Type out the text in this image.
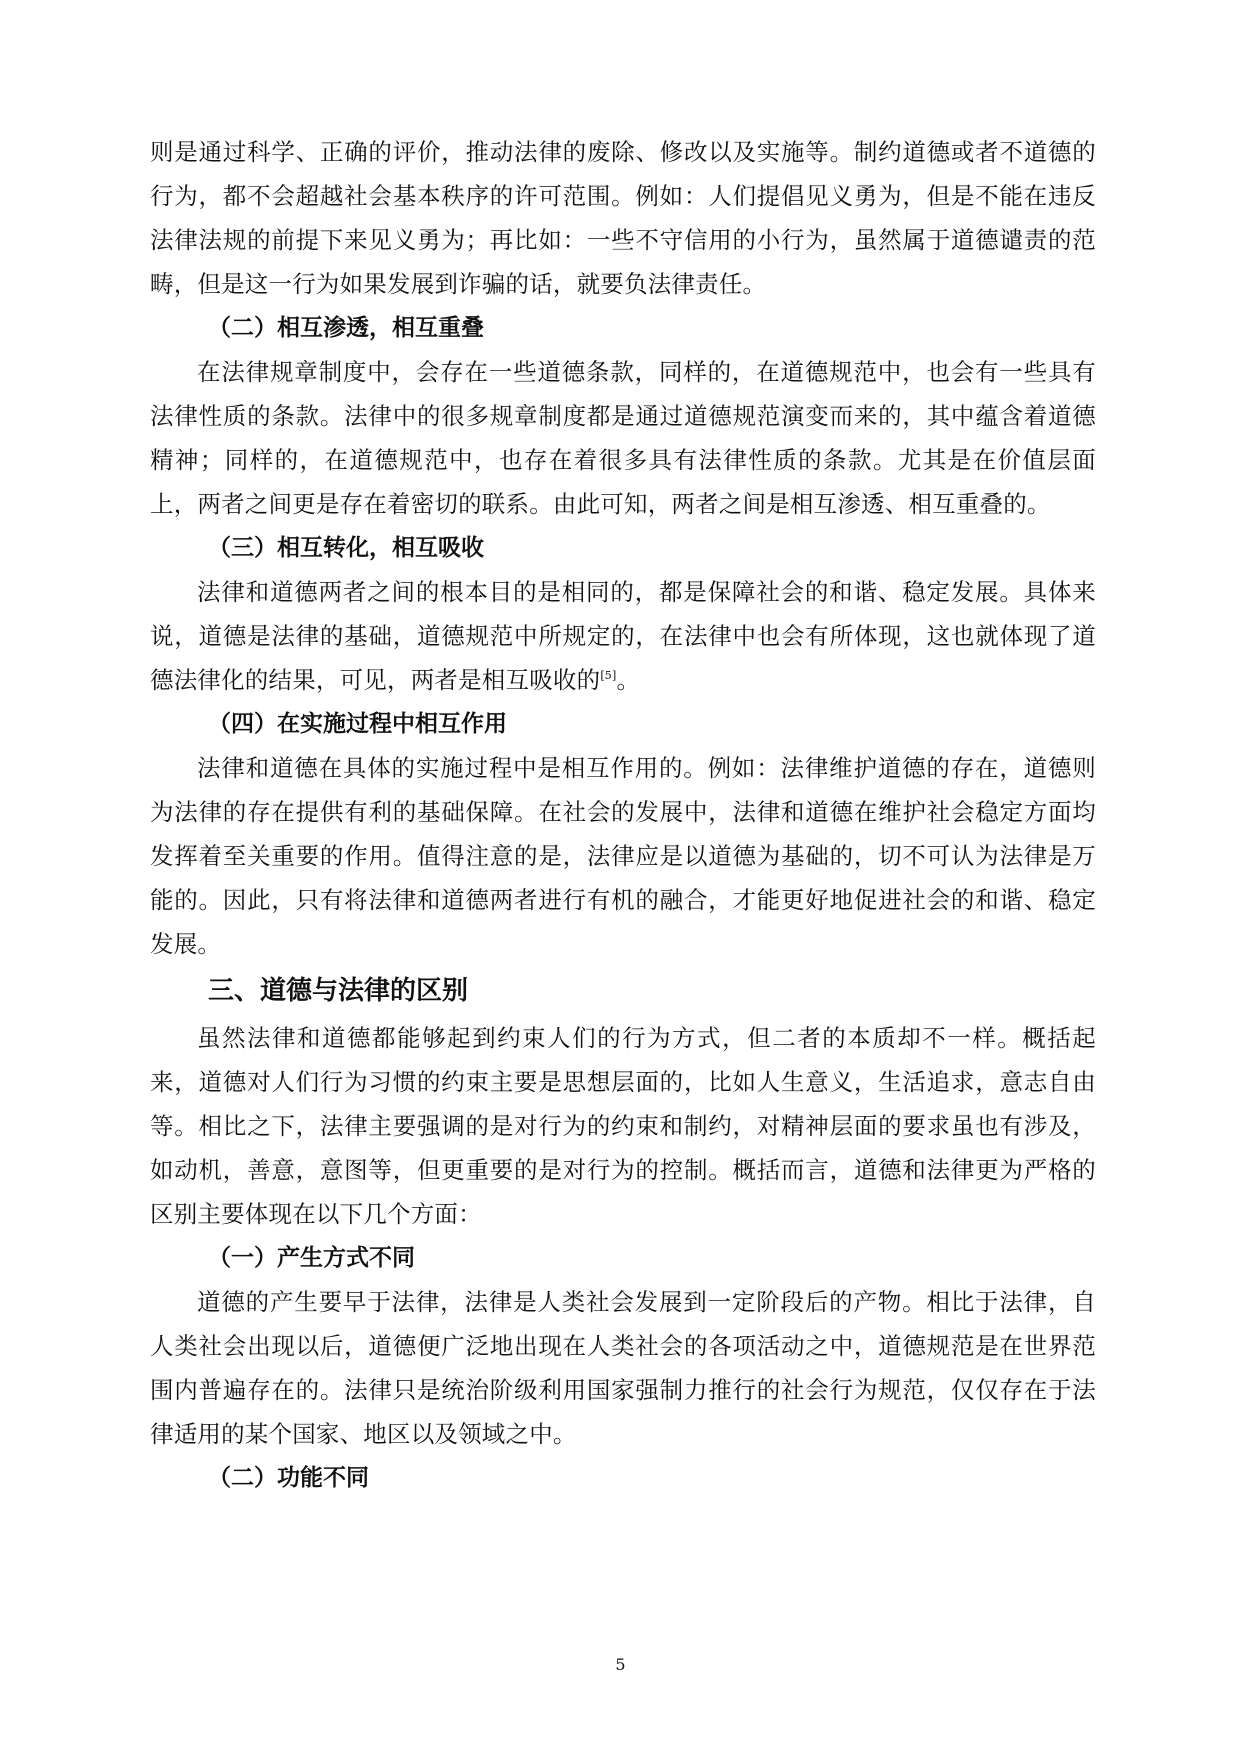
则是通过科学、正确的评价，推动法律的废除、修改以及实施等。制约道德或者不道德的行为，都不会超越社会基本秩序的许可范围。例如：人们提倡见义勇为，但是不能在违反法律法规的前提下来见义勇为；再比如：一些不守信用的小行为，虽然属于道德谴责的范畴，但是这一行为如果发展到诈骗的话，就要负法律责任。

（二）相互渗透，相互重叠

在法律规章制度中，会存在一些道德条款，同样的，在道德规范中，也会有一些具有法律性质的条款。法律中的很多规章制度都是通过道德规范演变而来的，其中蕴含着道德精神；同样的，在道德规范中，也存在着很多具有法律性质的条款。尤其是在价值层面上，两者之间更是存在着密切的联系。由此可知，两者之间是相互渗透、相互重叠的。

（三）相互转化，相互吸收

法律和道德两者之间的根本目的是相同的，都是保障社会的和谐、稳定发展。具体来说，道德是法律的基础，道德规范中所规定的，在法律中也会有所体现，这也就体现了道德法律化的结果，可见，两者是相互吸收的[5]。

（四）在实施过程中相互作用

法律和道德在具体的实施过程中是相互作用的。例如：法律维护道德的存在，道德则为法律的存在提供有利的基础保障。在社会的发展中，法律和道德在维护社会稳定方面均发挥着至关重要的作用。值得注意的是，法律应是以道德为基础的，切不可认为法律是万能的。因此，只有将法律和道德两者进行有机的融合，才能更好地促进社会的和谐、稳定发展。

三、道德与法律的区别

虽然法律和道德都能够起到约束人们的行为方式，但二者的本质却不一样。概括起来，道德对人们行为习惯的约束主要是思想层面的，比如人生意义，生活追求，意志自由等。相比之下，法律主要强调的是对行为的约束和制约，对精神层面的要求虽也有涉及，如动机，善意，意图等，但更重要的是对行为的控制。概括而言，道德和法律更为严格的区别主要体现在以下几个方面：

（一）产生方式不同

道德的产生要早于法律，法律是人类社会发展到一定阶段后的产物。相比于法律，自人类社会出现以后，道德便广泛地出现在人类社会的各项活动之中，道德规范是在世界范围内普遍存在的。法律只是统治阶级利用国家强制力推行的社会行为规范，仅仅存在于法律适用的某个国家、地区以及领域之中。

（二）功能不同
5
